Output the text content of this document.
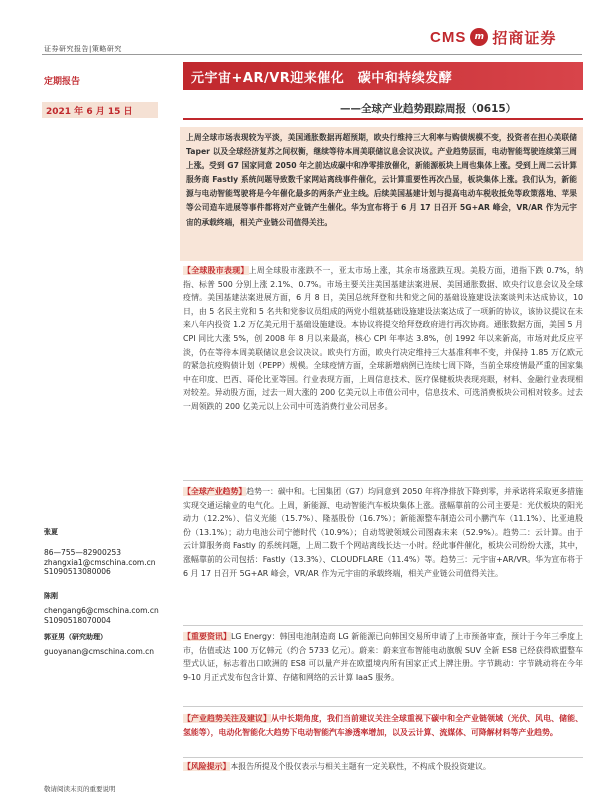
证券研究报告|策略研究
CMS m 招商证券
定期报告	元宇宙+AR/VR迎来催化　碳中和持续发酵
2021 年 6 月 15 日	——全球产业趋势跟踪周报（0615）
上周全球市场表现较为平淡，美国通胀数据再超预期，欧央行维持三大利率与购债规模不变，投资者在担心美联储 Taper 以及全球经济复苏之间权衡，继续等待本周美联储议息会议决议。产业趋势层面，电动智能驾驶连续第三周上涨。受到 G7 国家同意 2050 年之前达成碳中和净零排放催化，新能源板块上周也集体上涨。受到上周二云计算服务商 Fastly 系统问题导致数千家网站离线事件催化，云计算重要性再次凸显，板块集体上涨。我们认为，新能源与电动智能驾驶将是今年催化最多的两条产业主线。后续美国基建计划与提高电动车税收抵免等政策落地、苹果等公司造车进展等事件都将对产业链产生催化。华为宣布将于 6 月 17 日召开 5G+AR 峰会，VR/AR 作为元宇宙的承载终端，相关产业链公司值得关注。
【全球股市表现】上周全球股市涨跌不一，亚太市场上涨，其余市场涨跌互现。美股方面，道指下跌 0.7%，纳指、标普 500 分别上涨 2.1%、0.7%。市场主要关注美国基建法案进展、美国通胀数据、欧央行议息会议及全球疫情。美国基建法案进展方面，6 月 8 日，美国总统拜登和共和党之间的基础设施建设法案谈判未达成协议，10 日，由 5 名民主党和 5 名共和党参议员组成的两党小组就基础设施建设法案达成了一项新的协议，该协议提议在未来八年内投资 1.2 万亿美元用于基础设施建设。本协议将提交给拜登政府进行再次协商。通胀数据方面，美国 5 月 CPI 同比大涨 5%，创 2008 年 8 月以来最高，核心 CPI 年率达 3.8%，创 1992 年以来新高，市场对此反应平淡，仍在等待本周美联储议息会议决议。欧央行方面，欧央行决定维持三大基准利率不变，并保持 1.85 万亿欧元的紧急抗疫购债计划（PEPP）规模。全球疫情方面，全球新增病例已连续七周下降，当前全球疫情最严重的国家集中在印度、巴西、哥伦比亚等国。行业表现方面，上周信息技术、医疗保健板块表现亮眼，材料、金融行业表现相对较差。异动股方面，过去一周大涨的 200 亿美元以上市值公司中，信息技术、可选消费板块公司相对较多。过去一周领跌的 200 亿美元以上公司中可选消费行业公司居多。
【全球产业趋势】趋势一：碳中和。七国集团（G7）均同意到 2050 年将净排放下降到零，并承诺将采取更多措施实现交通运输业的电气化。上周，新能源、电动智能汽车板块集体上涨。涨幅靠前的公司主要是：光伏板块的阳光动力（12.2%）、信义光能（15.7%）、隆基股份（16.7%）；新能源整车制造公司小鹏汽车（11.1%）、比亚迪股份（13.1%）；动力电池公司宁德时代（10.9%）；自动驾驶领域公司图森未来（52.9%）。趋势二：云计算。由于云计算服务商 Fastly 的系统问题，上周二数千个网站离线长达一小时。经此事件催化，板块公司纷纷大涨，其中，涨幅靠前的公司包括：Fastly（13.3%）、CLOUDFLARE（11.4%）等。趋势三：元宇宙+AR/VR。华为宣布将于 6 月 17 日召开 5G+AR 峰会，VR/AR 作为元宇宙的承载终端，相关产业链公司值得关注。
【重要资讯】LG Energy：韩国电池制造商 LG 新能源已向韩国交易所申请了上市预备审查，预计于今年三季度上市，估值或达 100 万亿韩元（约合 5733 亿元）。蔚来：蔚来宣布智能电动旗舰 SUV 全新 ES8 已经获得欧盟整车型式认证，标志着出口欧洲的 ES8 可以量产并在欧盟境内所有国家正式上牌注册。字节跳动：字节跳动将在今年 9-10 月正式发布包含计算、存储和网络的云计算 IaaS 服务。
【产业趋势关注及建议】从中长期角度，我们当前建议关注全球重视下碳中和全产业链领域（光伏、风电、储能、氢能等），电动化智能化大趋势下电动智能汽车渗透率增加，以及云计算、流媒体、可降解材料等产业趋势。
【风险提示】本报告所提及个股仅表示与相关主题有一定关联性，不构成个股投资建议。
张夏
86—755—82900253
zhangxia1@cmschina.com.cn
S1090513080006
陈刚
chengang6@cmschina.com.cn
S1090518070004
郭亚男（研究助理）
guoyanan@cmschina.com.cn
敬请阅读末页的重要说明
